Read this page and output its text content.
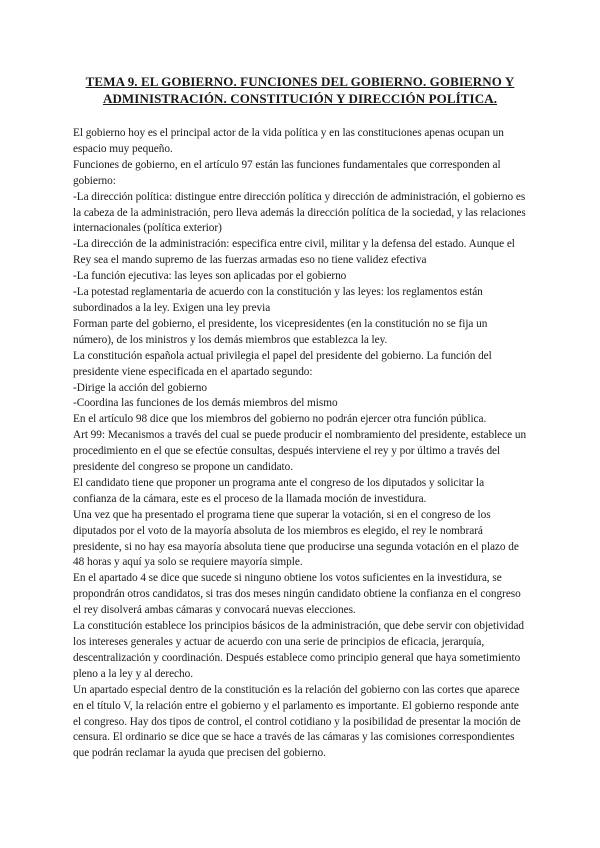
TEMA 9. EL GOBIERNO. FUNCIONES DEL GOBIERNO. GOBIERNO Y ADMINISTRACIÓN. CONSTITUCIÓN Y DIRECCIÓN POLÍTICA.

El gobierno hoy es el principal actor de la vida política y en las constituciones apenas ocupan un espacio muy pequeño.

Funciones de gobierno, en el artículo 97 están las funciones fundamentales que corresponden al gobierno:

-La dirección política: distingue entre dirección política y dirección de administración, el gobierno es la cabeza de la administración, pero lleva además la dirección política de la sociedad, y las relaciones internacionales (política exterior)

-La dirección de la administración: especifica entre civil, militar y la defensa del estado. Aunque el Rey sea el mando supremo de las fuerzas armadas eso no tiene validez efectiva

-La función ejecutiva: las leyes son aplicadas por el gobierno

-La potestad reglamentaria de acuerdo con la constitución y las leyes: los reglamentos están subordinados a la ley. Exigen una ley previa

Forman parte del gobierno, el presidente, los vicepresidentes (en la constitución no se fija un número), de los ministros y los demás miembros que establezca la ley.

La constitución española actual privilegia el papel del presidente del gobierno. La función del presidente viene especificada en el apartado segundo:

-Dirige la acción del gobierno

-Coordina las funciones de los demás miembros del mismo

En el artículo 98 dice que los miembros del gobierno no podrán ejercer otra función pública.

Art 99: Mecanismos a través del cual se puede producir el nombramiento del presidente, establece un procedimiento en el que se efectúe consultas, después interviene el rey y por último a través del presidente del congreso se propone un candidato.

El candidato tiene que proponer un programa ante el congreso de los diputados y solicitar la confianza de la cámara, este es el proceso de la llamada moción de investidura.

Una vez que ha presentado el programa tiene que superar la votación, si en el congreso de los diputados por el voto de la mayoría absoluta de los miembros es elegido, el rey le nombrará presidente, si no hay esa mayoría absoluta tiene que producirse una segunda votación en el plazo de 48 horas y aquí ya solo se requiere mayoría simple.

En el apartado 4 se dice que sucede si ninguno obtiene los votos suficientes en la investidura, se propondrán otros candidatos, si tras dos meses ningún candidato obtiene la confianza en el congreso el rey disolverá ambas cámaras y convocará nuevas elecciones.

La constitución establece los principios básicos de la administración, que debe servir con objetividad los intereses generales y actuar de acuerdo con una serie de principios de eficacia, jerarquía, descentralización y coordinación. Después establece como principio general que haya sometimiento pleno a la ley y al derecho.

Un apartado especial dentro de la constitución es la relación del gobierno con las cortes que aparece en el título V, la relación entre el gobierno y el parlamento es importante. El gobierno responde ante el congreso. Hay dos tipos de control, el control cotidiano y la posibilidad de presentar la moción de censura. El ordinario se dice que se hace a través de las cámaras y las comisiones correspondientes que podrán reclamar la ayuda que precisen del gobierno.
